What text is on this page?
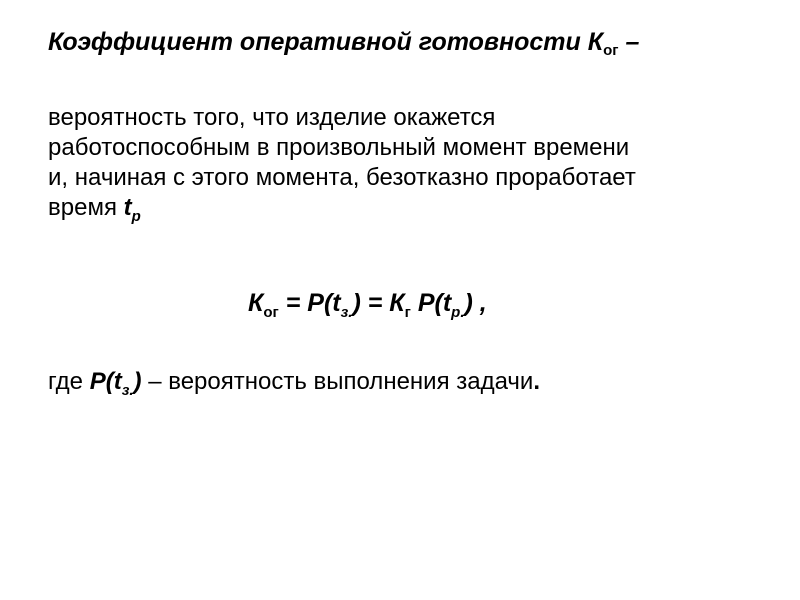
Коэффициент оперативной готовности $К_{ог}$ –
вероятность того, что изделие окажется
работоспособным в произвольный момент времени
и, начиная с этого момента, безотказно проработает
время $t_р$
$К_{ог} = P(t_{з.}) = К_г$ $P(t_{р.})$ ,
где $P(t_{з.})$ – вероятность выполнения задачи.
